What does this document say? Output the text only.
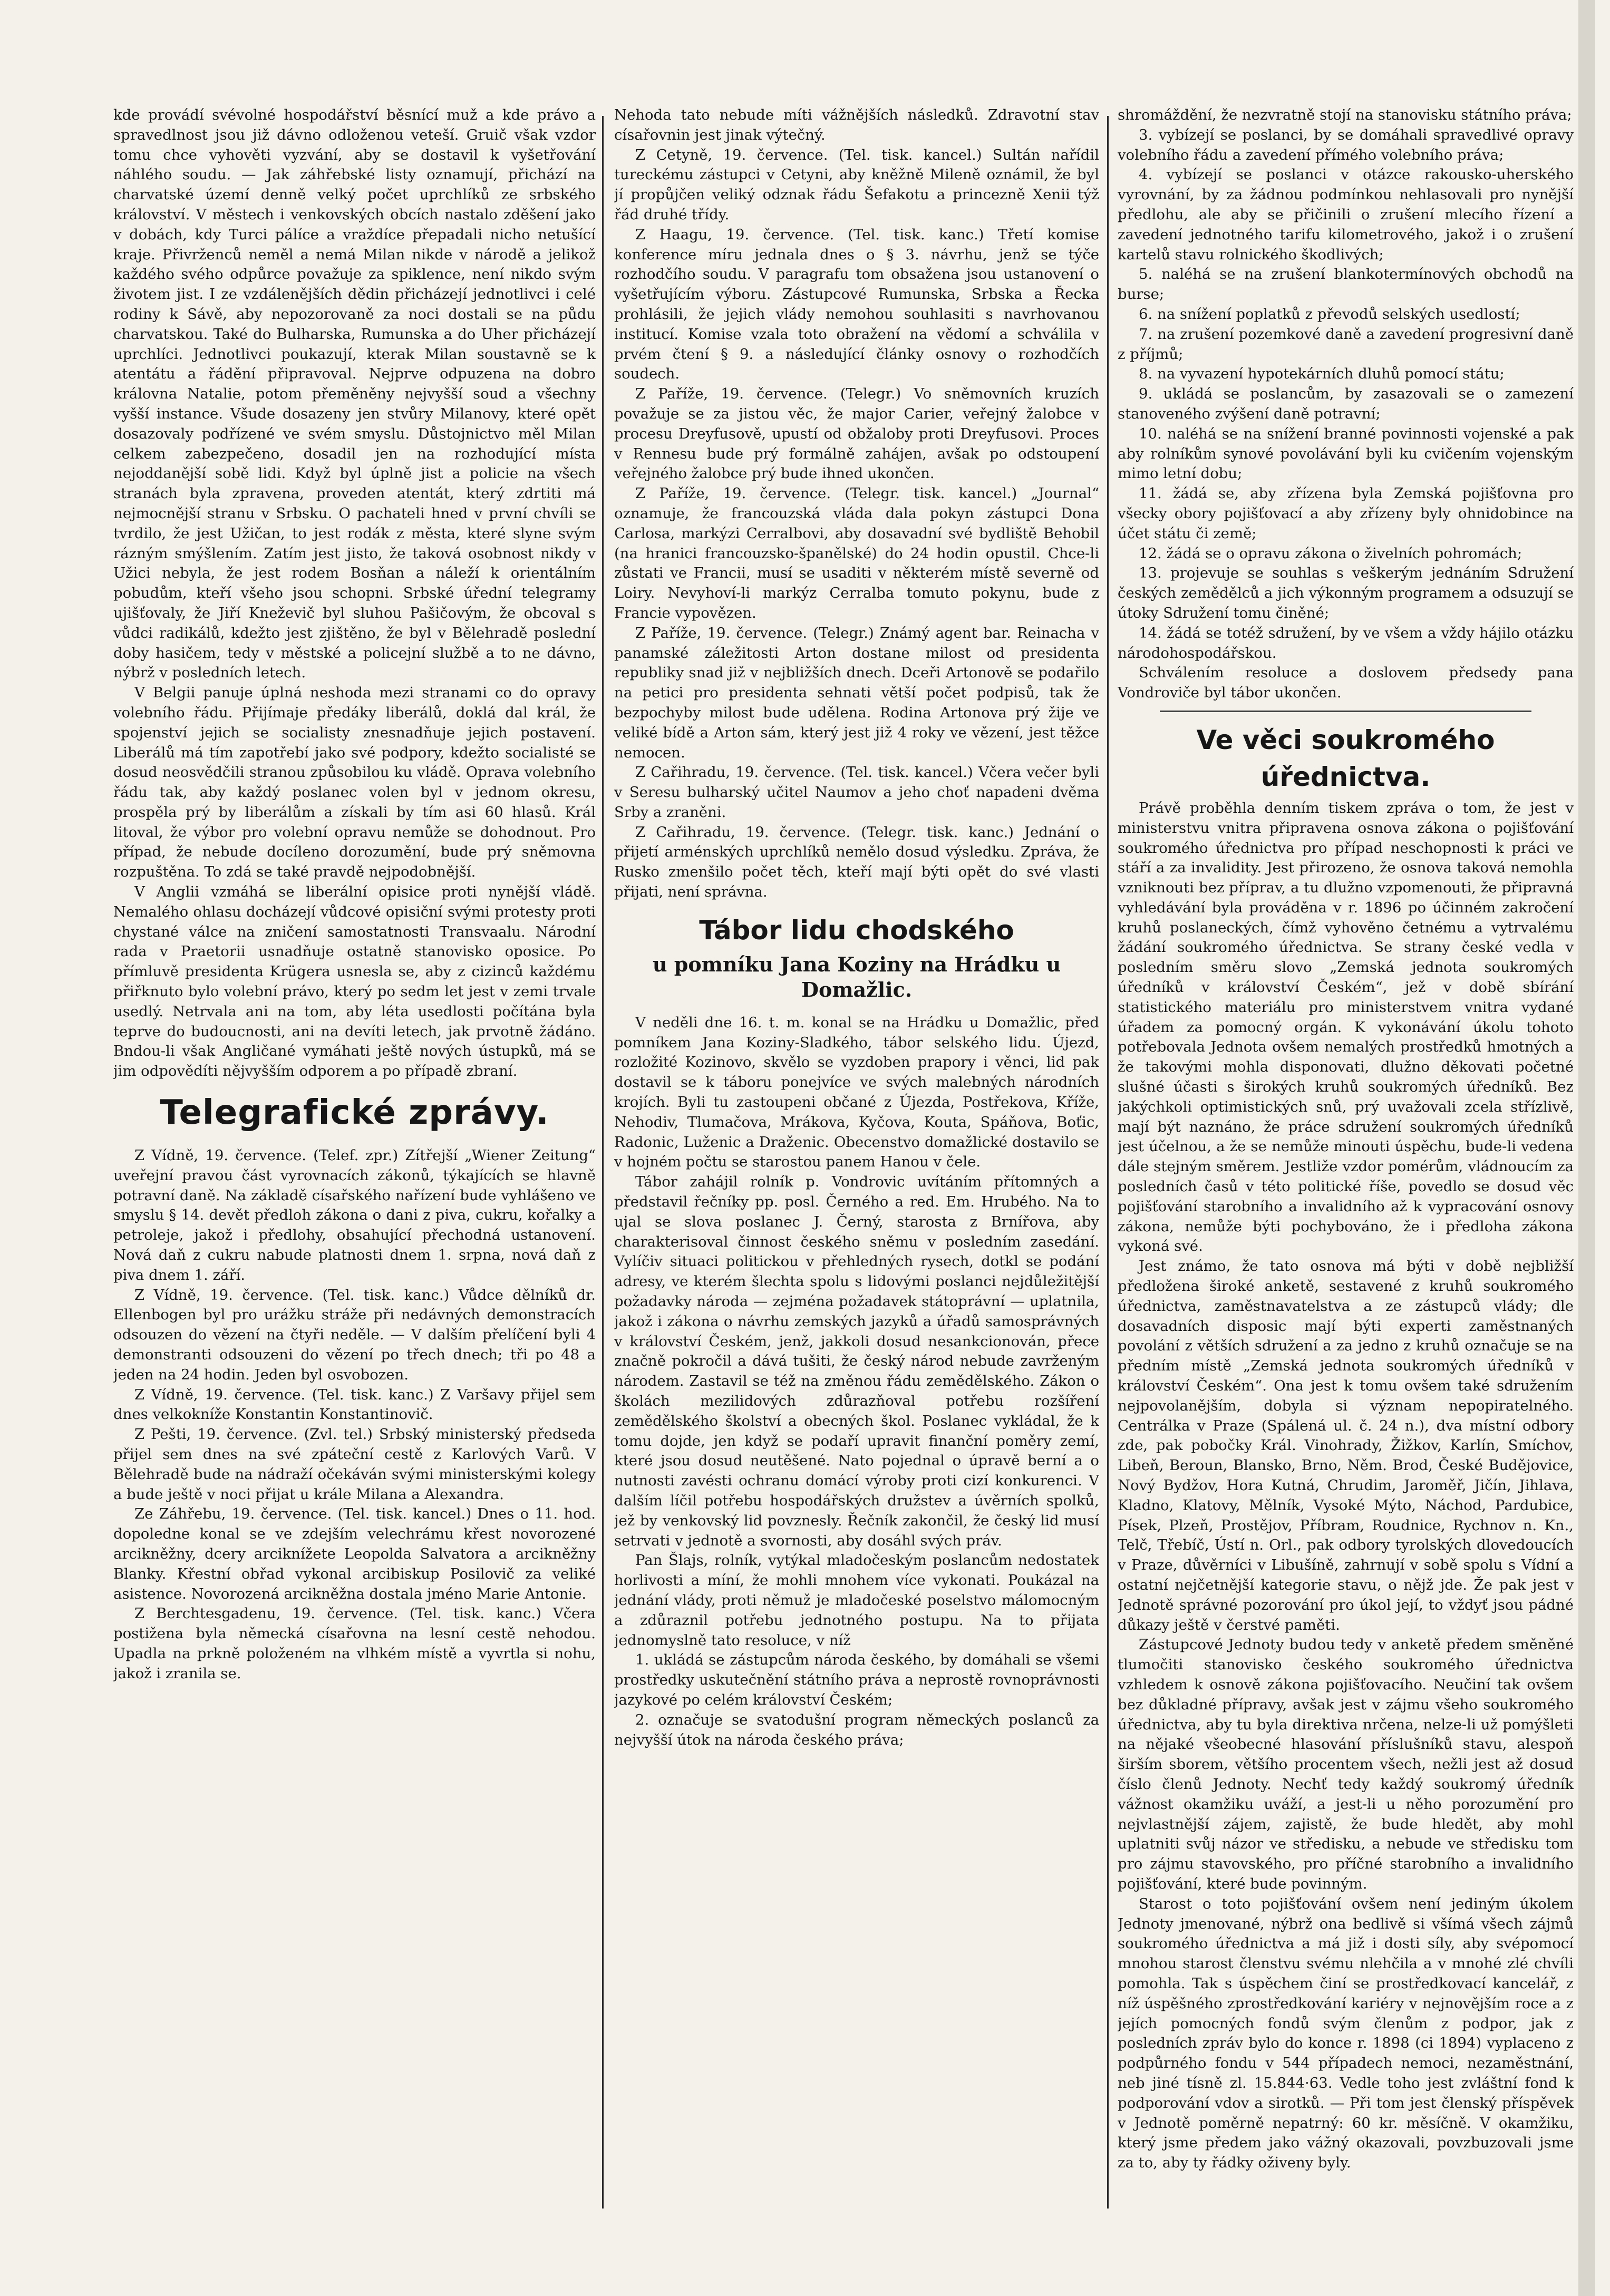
kde provádí svévolné hospodářství běsnící muž a kde právo a spravedlnost jsou již dávno odloženou veteší. Gruič však vzdor tomu chce vyhověti vyzvání, aby se dostavil k vyšetřování náhlého soudu. — Jak záhřebské listy oznamují, přichází na charvatské území denně velký počet uprchlíků ze srbského království. V městech i venkovských obcích nastalo zděšení jako v dobách, kdy Turci pálíce a vraždíce přepadali nicho netušící kraje. Přivrženců neměl a nemá Milan nikde v národě a jelikož každého svého odpůrce považuje za spiklence, není nikdo svým životem jist. I ze vzdálenějších dědin přicházejí jednotlivci i celé rodiny k Sávě, aby nepozorovaně za noci dostali se na půdu charvatskou. Také do Bulharska, Rumunska a do Uher přicházejí uprchlíci. Jednotlivci poukazují, kterak Milan soustavně se k atentátu a řádění připravoval. Nejprve odpuzena na dobro královna Natalie, potom přeměněny nejvyšší soud a všechny vyšší instance. Všude dosazeny jen stvůry Milanovy, které opět dosazovaly podřízené ve svém smyslu. Důstojnictvo měl Milan celkem zabezpečeno, dosadil jen na rozhodující místa nejoddanější sobě lidi. Když byl úplně jist a policie na všech stranách byla zpravena, proveden atentát, který zdrtiti má nejmocnější stranu v Srbsku. O pachateli hned v první chvíli se tvrdilo, že jest Užičan, to jest rodák z města, které slyne svým rázným smýšlením. Zatím jest jisto, že taková osobnost nikdy v Užici nebyla, že jest rodem Bosňan a náleží k orientálním pobudům, kteří všeho jsou schopni. Srbské úřední telegramy ujišťovaly, že Jiří Kneževič byl sluhou Pašičovým, že obcoval s vůdci radikálů, kdežto jest zjištěno, že byl v Bělehradě poslední doby hasičem, tedy v městské a policejní službě a to ne dávno, nýbrž v posledních letech.

V Belgii panuje úplná neshoda mezi stranami co do opravy volebního řádu. Přijímaje předáky liberálů, doklá dal král, že spojenství jejich se socialisty znesnadňuje jejich postavení. Liberálů má tím zapotřebí jako své podpory, kdežto socialisté se dosud neosvědčili stranou způsobilou ku vládě. Oprava volebního řádu tak, aby každý poslanec volen byl v jednom okresu, prospěla prý by liberálům a získali by tím asi 60 hlasů. Král litoval, že výbor pro volební opravu nemůže se dohodnout. Pro případ, že nebude docíleno dorozumění, bude prý sněmovna rozpuštěna. To zdá se také pravdě nejpodobnější.

V Anglii vzmáhá se liberální opisice proti nynější vládě. Nemalého ohlasu docházejí vůdcové opisiční svými protesty proti chystané válce na zničení samostatnosti Transvaalu. Národní rada v Praetorii usnadňuje ostatně stanovisko oposice. Po přímluvě presidenta Krügera usnesla se, aby z cizinců každému přiřknuto bylo volební právo, který po sedm let jest v zemi trvale usedlý. Netrvala ani na tom, aby léta usedlosti počítána byla teprve do budoucnosti, ani na devíti letech, jak prvotně žádáno. Bndou-li však Angličané vymáhati ještě nových ústupků, má se jim odpovědíti nějvyšším odporem a po případě zbraní.

Telegrafické zprávy.

Z Vídně, 19. července. (Telef. zpr.) Zítřejší „Wiener Zeitung“ uveřejní pravou část vyrovnacích zákonů, týkajících se hlavně potravní daně. Na základě císařského nařízení bude vyhlášeno ve smyslu § 14. devět předloh zákona o dani z piva, cukru, kořalky a petroleje, jakož i předlohy, obsahující přechodná ustanovení. Nová daň z cukru nabude platnosti dnem 1. srpna, nová daň z piva dnem 1. září.

Z Vídně, 19. července. (Tel. tisk. kanc.) Vůdce dělníků dr. Ellenbogen byl pro urážku stráže při nedávných demonstracích odsouzen do vězení na čtyři neděle. — V dalším přelíčení byli 4 demonstranti odsouzeni do vězení po třech dnech; tři po 48 a jeden na 24 hodin. Jeden byl osvobozen.

Z Vídně, 19. července. (Tel. tisk. kanc.) Z Varšavy přijel sem dnes velkokníže Konstantin Konstantinovič.

Z Pešti, 19. července. (Zvl. tel.) Srbský ministerský předseda přijel sem dnes na své zpáteční cestě z Karlových Varů. V Bělehradě bude na nádraží očekáván svými ministerskými kolegy a bude ještě v noci přijat u krále Milana a Alexandra.

Ze Záhřebu, 19. července. (Tel. tisk. kancel.) Dnes o 11. hod. dopoledne konal se ve zdejším velechrámu křest novorozené arcikněžny, dcery arciknížete Leopolda Salvatora a arcikněžny Blanky. Křestní obřad vykonal arcibiskup Posilovič za veliké asistence. Novorozená arcikněžna dostala jméno Marie Antonie.

Z Berchtesgadenu, 19. července. (Tel. tisk. kanc.) Včera postižena byla německá císařovna na lesní cestě nehodou. Upadla na prkně položeném na vlhkém místě a vyvrtla si nohu, jakož i zranila se.

Nehoda tato nebude míti vážnějších následků. Zdravotní stav císařovnin jest jinak výtečný.

Z Cetyně, 19. července. (Tel. tisk. kancel.) Sultán nařídil tureckému zástupci v Cetyni, aby kněžně Mileně oznámil, že byl jí propůjčen veliký odznak řádu Šefakotu a princezně Xenii týž řád druhé třídy.

Z Haagu, 19. července. (Tel. tisk. kanc.) Třetí komise konference míru jednala dnes o § 3. návrhu, jenž se týče rozhodčího soudu. V paragrafu tom obsažena jsou ustanovení o vyšetřujícím výboru. Zástupcové Rumunska, Srbska a Řecka prohlásili, že jejich vlády nemohou souhlasiti s navrhovanou institucí. Komise vzala toto obražení na vědomí a schválila v prvém čtení § 9. a následující články osnovy o rozhodčích soudech.

Z Paříže, 19. července. (Telegr.) Vo sněmovních kruzích považuje se za jistou věc, že major Carier, veřejný žalobce v procesu Dreyfusově, upustí od obžaloby proti Dreyfusovi. Proces v Rennesu bude prý formálně zahájen, avšak po odstoupení veřejného žalobce prý bude ihned ukončen.

Z Paříže, 19. července. (Telegr. tisk. kancel.) „Journal“ oznamuje, že francouzská vláda dala pokyn zástupci Dona Carlosa, markýzi Cerralbovi, aby dosavadní své bydliště Behobil (na hranici francouzsko-španělské) do 24 hodin opustil. Chce-li zůstati ve Francii, musí se usaditi v některém místě severně od Loiry. Nevyhoví-li markýz Cerralba tomuto pokynu, bude z Francie vypovězen.

Z Paříže, 19. července. (Telegr.) Známý agent bar. Reinacha v panamské záležitosti Arton dostane milost od presidenta republiky snad již v nejbližších dnech. Dceři Artonově se podařilo na petici pro presidenta sehnati větší počet podpisů, tak že bezpochyby milost bude udělena. Rodina Artonova prý žije ve veliké bídě a Arton sám, který jest již 4 roky ve vězení, jest těžce nemocen.

Z Cařihradu, 19. července. (Tel. tisk. kancel.) Včera večer byli v Seresu bulharský učitel Naumov a jeho choť napadeni dvěma Srby a zraněni.

Z Cařihradu, 19. července. (Telegr. tisk. kanc.) Jednání o přijetí arménských uprchlíků nemělo dosud výsledku. Zpráva, že Rusko zmenšilo počet těch, kteří mají býti opět do své vlasti přijati, není správna.

Tábor lidu chodského
u pomníku Jana Koziny na Hrádku u Domažlic.

V neděli dne 16. t. m. konal se na Hrádku u Domažlic, před pomníkem Jana Koziny-Sladkého, tábor selského lidu. Újezd, rozložité Kozinovo, skvělo se vyzdoben prapory i věnci, lid pak dostavil se k táboru ponejvíce ve svých malebných národních krojích. Byli tu zastoupeni občané z Újezda, Postřekova, Kříže, Nehodiv, Tlumačova, Mrákova, Kyčova, Kouta, Spáňova, Boťic, Radonic, Luženic a Draženic. Obecenstvo domažlické dostavilo se v hojném počtu se starostou panem Hanou v čele.

Tábor zahájil rolník p. Vondrovic uvítáním přítomných a představil řečníky pp. posl. Černého a red. Em. Hrubého. Na to ujal se slova poslanec J. Černý, starosta z Brnířova, aby charakterisoval činnost českého sněmu v posledním zasedání. Vylíčiv situaci politickou v přehledných rysech, dotkl se podání adresy, ve kterém šlechta spolu s lidovými poslanci nejdůležitější požadavky národa — zejména požadavek státoprávní — uplatnila, jakož i zákona o návrhu zemských jazyků a úřadů samosprávných v království Českém, jenž, jakkoli dosud nesankcionován, přece značně pokročil a dává tušiti, že český národ nebude zavrženým národem. Zastavil se též na změnou řádu zemědělského. Zákon o školách mezilidových zdůrazňoval potřebu rozšíření zemědělského školství a obecných škol. Poslanec vykládal, že k tomu dojde, jen když se podaří upravit finanční poměry zemí, které jsou dosud neutěšené. Nato pojednal o úpravě berní a o nutnosti zavésti ochranu domácí výroby proti cizí konkurenci. V dalším líčil potřebu hospodářských družstev a úvěrních spolků, jež by venkovský lid povznesly. Řečník zakončil, že český lid musí setrvati v jednotě a svornosti, aby dosáhl svých práv.

Pan Šlajs, rolník, vytýkal mladočeským poslancům nedostatek horlivosti a míní, že mohli mnohem více vykonati. Poukázal na jednání vlády, proti němuž je mladočeské poselstvo málomocným a zdůraznil potřebu jednotného postupu. Na to přijata jednomyslně tato resoluce, v níž

1. ukládá se zástupcům národa českého, by domáhali se všemi prostředky uskutečnění státního práva a neprostě rovnoprávnosti jazykové po celém království Českém;

2. označuje se svatodušní program německých poslanců za nejvyšší útok na národa českého práva;

shromáždění, že nezvratně stojí na stanovisku státního práva;

3. vybízejí se poslanci, by se domáhali spravedlivé opravy volebního řádu a zavedení přímého volebního práva;

4. vybízejí se poslanci v otázce rakousko-uherského vyrovnání, by za žádnou podmínkou nehlasovali pro nynější předlohu, ale aby se přičinili o zrušení mlecího řízení a zavedení jednotného tarifu kilometrového, jakož i o zrušení kartelů stavu rolnického škodlivých;

5. naléhá se na zrušení blankotermínových obchodů na burse;

6. na snížení poplatků z převodů selských usedlostí;

7. na zrušení pozemkové daně a zavedení progresivní daně z příjmů;

8. na vyvazení hypotekárních dluhů pomocí státu;

9. ukládá se poslancům, by zasazovali se o zamezení stanoveného zvýšení daně potravní;

10. naléhá se na snížení branné povinnosti vojenské a pak aby rolníkům synové povolávání byli ku cvičením vojenským mimo letní dobu;

11. žádá se, aby zřízena byla Zemská pojišťovna pro všecky obory pojišťovací a aby zřízeny byly ohnidobince na účet státu či země;

12. žádá se o opravu zákona o živelních pohromách;

13. projevuje se souhlas s veškerým jednáním Sdružení českých zemědělců a jich výkonným programem a odsuzují se útoky Sdružení tomu činěné;

14. žádá se totéž sdružení, by ve všem a vždy hájilo otázku národohospodářskou.

Schválením resoluce a doslovem předsedy pana Vondroviče byl tábor ukončen.

Ve věci soukromého úřednictva.

Právě proběhla denním tiskem zpráva o tom, že jest v ministerstvu vnitra připravena osnova zákona o pojišťování soukromého úřednictva pro případ neschopnosti k práci ve stáří a za invalidity. Jest přirozeno, že osnova taková nemohla vzniknouti bez příprav, a tu dlužno vzpomenouti, že připravná vyhledávání byla prováděna v r. 1896 po účinném zakročení kruhů poslaneckých, čímž vyhověno četnému a vytrvalému žádání soukromého úřednictva. Se strany české vedla v posledním směru slovo „Zemská jednota soukromých úředníků v království Českém“, jež v době sbírání statistického materiálu pro ministerstvem vnitra vydané úřadem za pomocný orgán. K vykonávání úkolu tohoto potřebovala Jednota ovšem nemalých prostředků hmotných a že takovými mohla disponovati, dlužno děkovati početné slušné účasti s širokých kruhů soukromých úředníků. Bez jakýchkoli optimistických snů, prý uvažovali zcela střízlivě, mají být naznáno, že práce sdružení soukromých úředníků jest účelnou, a že se nemůže minouti úspěchu, bude-li vedena dále stejným směrem. Jestliže vzdor pomérům, vládnoucím za posledních časů v této politické říše, povedlo se dosud věc pojišťování starobního a invalidního až k vypracování osnovy zákona, nemůže býti pochybováno, že i předloha zákona vykoná své.

Jest známo, že tato osnova má býti v době nejbližší předložena široké anketě, sestavené z kruhů soukromého úřednictva, zaměstnavatelstva a ze zástupců vlády; dle dosavadních disposic mají býti experti zaměstnaných povolání z větších sdružení a za jedno z kruhů označuje se na předním místě „Zemská jednota soukromých úředníků v království Českém“. Ona jest k tomu ovšem také sdružením nejpovolanějším, dobyla si význam nepopiratelného. Centrálka v Praze (Spálená ul. č. 24 n.), dva místní odbory zde, pak pobočky Král. Vinohrady, Žižkov, Karlín, Smíchov, Libeň, Beroun, Blansko, Brno, Něm. Brod, České Budějovice, Nový Bydžov, Hora Kutná, Chrudim, Jaroměř, Jičín, Jihlava, Kladno, Klatovy, Mělník, Vysoké Mýto, Náchod, Pardubice, Písek, Plzeň, Prostějov, Příbram, Roudnice, Rychnov n. Kn., Telč, Třebíč, Ústí n. Orl., pak odbory tyrolských dlovedoucích v Praze, důvěrníci v Libušíně, zahrnují v sobě spolu s Vídní a ostatní nejčetnější kategorie stavu, o nějž jde. Že pak jest v Jednotě správné pozorování pro úkol její, to vždyť jsou pádné důkazy ještě v čerstvé paměti.

Zástupcové Jednoty budou tedy v anketě předem směněné tlumočiti stanovisko českého soukromého úřednictva vzhledem k osnově zákona pojišťovacího. Neučiní tak ovšem bez důkladné přípravy, avšak jest v zájmu všeho soukromého úřednictva, aby tu byla direktiva nrčena, nelze-li už pomýšleti na nějaké všeobecné hlasování příslušníků stavu, alespoň širším sborem, většího procentem všech, nežli jest až dosud číslo členů Jednoty. Nechť tedy každý soukromý úředník vážnost okamžiku uváží, a jest-li u něho porozumění pro nejvlastnější zájem, zajistě, že bude hledět, aby mohl uplatniti svůj názor ve středisku, a nebude ve středisku tom pro zájmu stavovského, pro příčné starobního a invalidního pojišťování, které bude povinným.

Starost o toto pojišťování ovšem není jediným úkolem Jednoty jmenované, nýbrž ona bedlivě si všímá všech zájmů soukromého úřednictva a má již i dosti síly, aby svépomocí mnohou starost členstvu svému nlehčila a v mnohé zlé chvíli pomohla. Tak s úspěchem činí se prostředkovací kancelář, z níž úspěšného zprostředkování kariéry v nejnovějším roce a z jejích pomocných fondů svým členům z podpor, jak z posledních zpráv bylo do konce r. 1898 (ci 1894) vyplaceno z podpůrného fondu v 544 případech nemoci, nezaměstnání, neb jiné tísně zl. 15.844·63. Vedle toho jest zvláštní fond k podporování vdov a sirotků. — Při tom jest členský příspěvek v Jednotě poměrně nepatrný: 60 kr. měsíčně. V okamžiku, který jsme předem jako vážný okazovali, povzbuzovali jsme za to, aby ty řádky oživeny byly.
